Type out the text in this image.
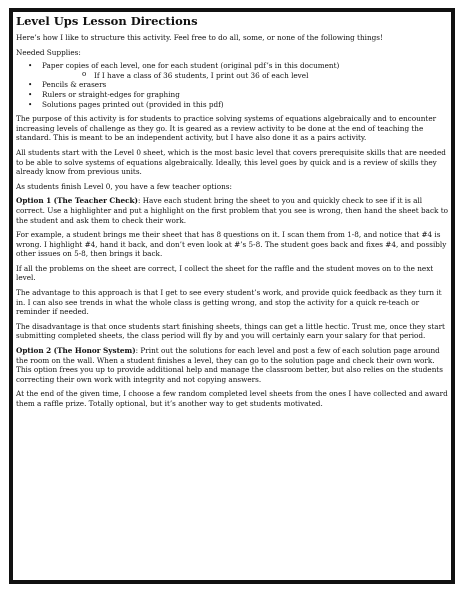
Level Ups Lesson Directions

Here’s how I like to structure this activity. Feel free to do all, some, or none of the following things!

Needed Supplies:

• Paper copies of each level, one for each student (original pdf’s in this document)
o If I have a class of 36 students, I print out 36 of each level
• Pencils & erasers
• Rulers or straight-edges for graphing
• Solutions pages printed out (provided in this pdf)

The purpose of this activity is for students to practice solving systems of equations algebraically and to encounter increasing levels of challenge as they go. It is geared as a review activity to be done at the end of teaching the standard. This is meant to be an independent activity, but I have also done it as a pairs activity.

All students start with the Level 0 sheet, which is the most basic level that covers prerequisite skills that are needed to be able to solve systems of equations algebraically. Ideally, this level goes by quick and is a review of skills they already know from previous units.

As students finish Level 0, you have a few teacher options:

Option 1 (The Teacher Check): Have each student bring the sheet to you and quickly check to see if it is all correct. Use a highlighter and put a highlight on the first problem that you see is wrong, then hand the sheet back to the student and ask them to check their work.

For example, a student brings me their sheet that has 8 questions on it. I scan them from 1-8, and notice that #4 is wrong. I highlight #4, hand it back, and don’t even look at #’s 5-8. The student goes back and fixes #4, and possibly other issues on 5-8, then brings it back.

If all the problems on the sheet are correct, I collect the sheet for the raffle and the student moves on to the next level.

The advantage to this approach is that I get to see every student’s work, and provide quick feedback as they turn it in. I can also see trends in what the whole class is getting wrong, and stop the activity for a quick re-teach or reminder if needed.

The disadvantage is that once students start finishing sheets, things can get a little hectic. Trust me, once they start submitting completed sheets, the class period will fly by and you will certainly earn your salary for that period.

Option 2 (The Honor System): Print out the solutions for each level and post a few of each solution page around the room on the wall. When a student finishes a level, they can go to the solution page and check their own work. This option frees you up to provide additional help and manage the classroom better, but also relies on the students correcting their own work with integrity and not copying answers.

At the end of the given time, I choose a few random completed level sheets from the ones I have collected and award them a raffle prize. Totally optional, but it’s another way to get students motivated.
